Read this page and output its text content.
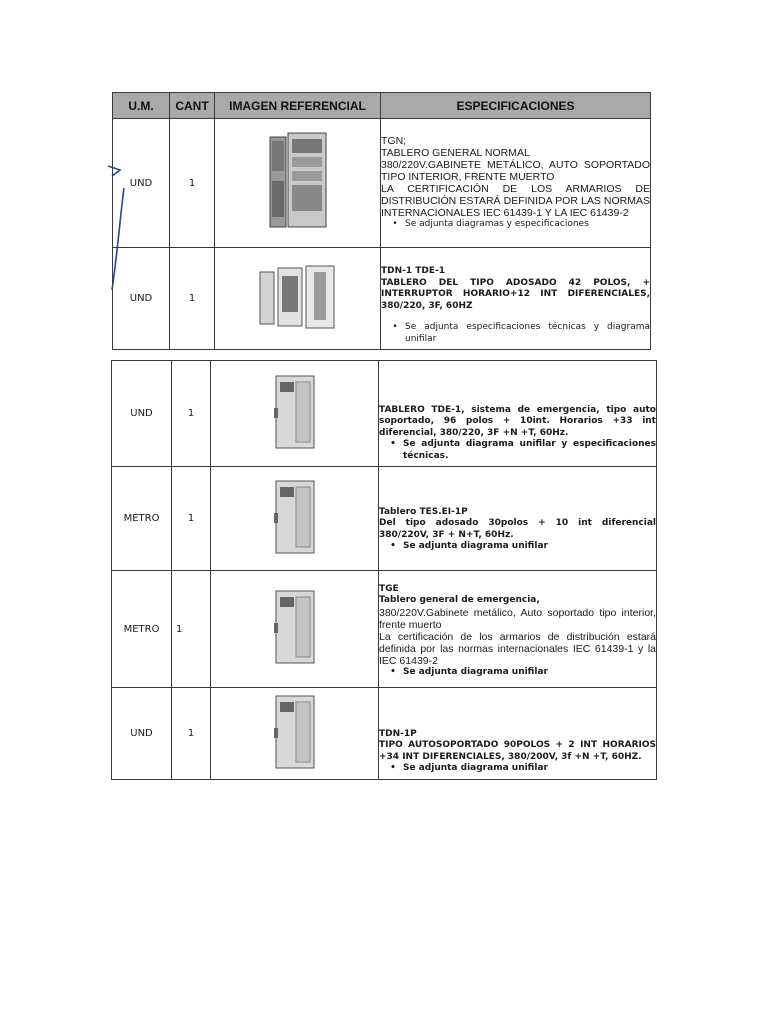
U.M.	CANT	IMAGEN REFERENCIAL	ESPECIFICACIONES
UND	1		TGN;
TABLERO GENERAL NORMAL
380/220V.GABINETE METÁLICO, AUTO SOPORTADO TIPO INTERIOR, FRENTE MUERTO
LA CERTIFICACIÓN DE LOS ARMARIOS DE DISTRIBUCIÓN ESTARÁ DEFINIDA POR LAS NORMAS INTERNACIONALES IEC 61439-1 Y LA IEC 61439-2
• Se adjunta diagramas y especificaciones

UND	1		TDN-1 TDE-1
TABLERO DEL TIPO ADOSADO 42 POLOS, + INTERRUPTOR HORARIO+12 INT DIFERENCIALES, 380/220, 3F, 60HZ
• Se adjunta especificaciones técnicas y diagrama unifilar
UND	1		TABLERO TDE-1, sistema de emergencia, tipo auto soportado, 96 polos + 10int. Horarios +33 int diferencial, 380/220, 3F +N +T, 60Hz.
• Se adjunta diagrama unifilar y especificaciones técnicas.

METRO	1		Tablero TES.EI-1P
Del tipo adosado 30polos + 10 int diferencial 380/220V, 3F + N+T, 60Hz.
• Se adjunta diagrama unifilar

METRO	1		TGE
Tablero general de emergencia,
380/220V.Gabinete metálico, Auto soportado tipo interior, frente muerto
La certificación de los armarios de distribución estará definida por las normas internacionales IEC 61439-1 y la IEC 61439-2
• Se adjunta diagrama unifilar

UND	1		TDN-1P
TIPO AUTOSOPORTADO 90POLOS + 2 INT HORARIOS +34 INT DIFERENCIALES, 380/200V, 3f +N +T, 60HZ.
• Se adjunta diagrama unifilar
